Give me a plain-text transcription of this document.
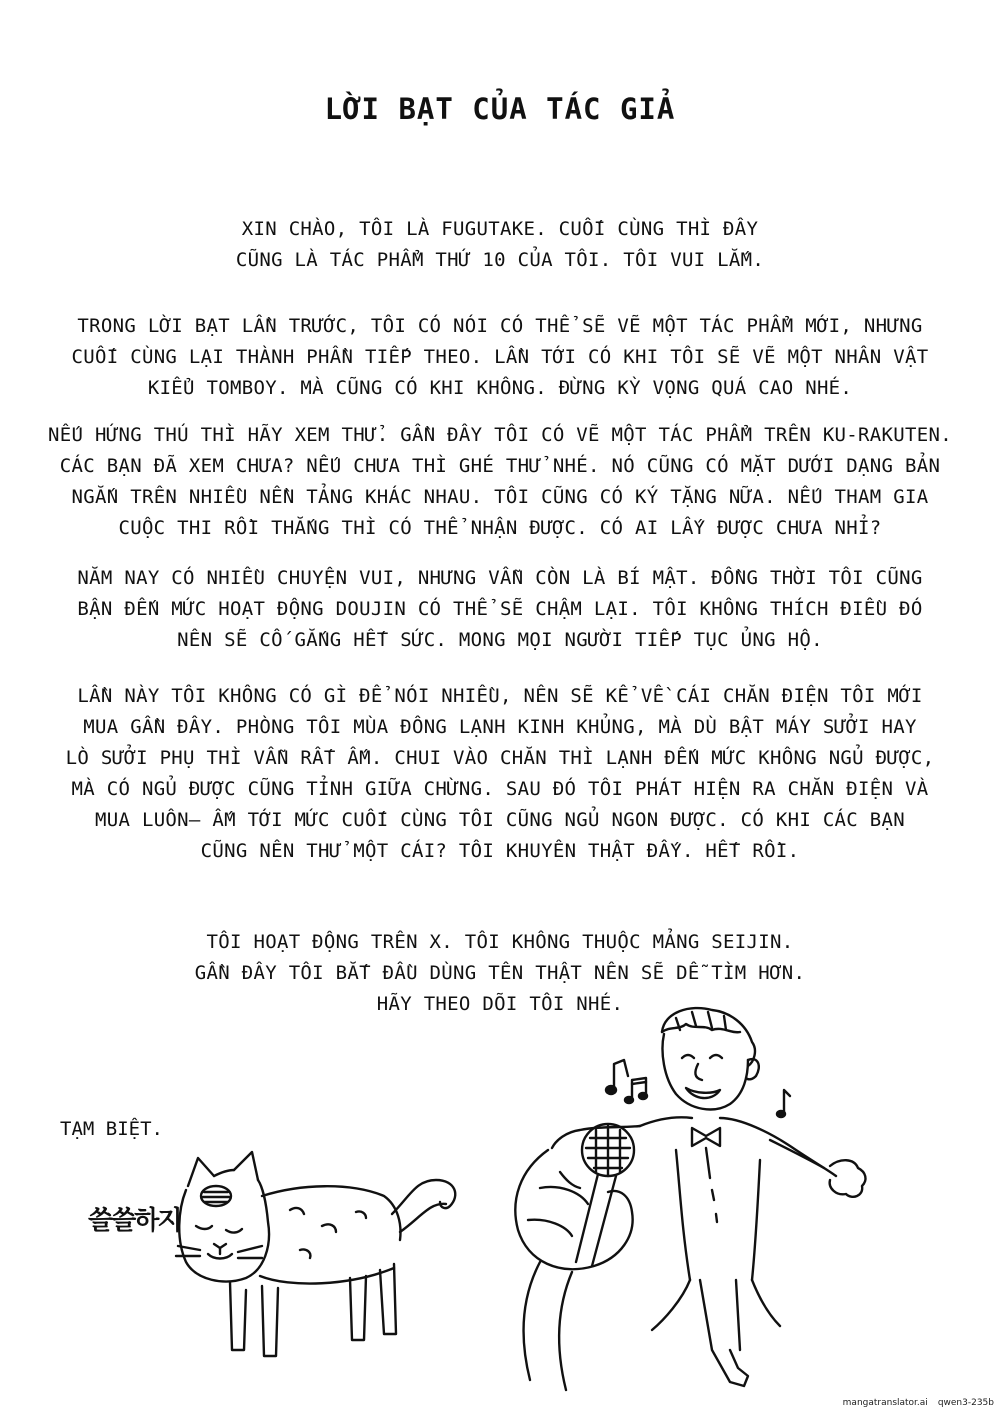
LỜI BẠT CỦA TÁC GIẢ
XIN CHÀO, TÔI LÀ FUGUTAKE. CUỐI CÙNG THÌ ĐÂY
CŨNG LÀ TÁC PHẨM THỨ 10 CỦA TÔI. TÔI VUI LẮM.
TRONG LỜI BẠT LẦN TRƯỚC, TÔI CÓ NÓI CÓ THỂ SẼ VẼ MỘT TÁC PHẨM MỚI, NHƯNG
CUỐI CÙNG LẠI THÀNH PHẦN TIẾP THEO. LẦN TỚI CÓ KHI TÔI SẼ VẼ MỘT NHÂN VẬT
KIỂU TOMBOY. MÀ CŨNG CÓ KHI KHÔNG. ĐỪNG KỲ VỌNG QUÁ CAO NHÉ.
NẾU HỨNG THÚ THÌ HÃY XEM THỬ. GẦN ĐÂY TÔI CÓ VẼ MỘT TÁC PHẨM TRÊN KU-RAKUTEN.
CÁC BẠN ĐÃ XEM CHƯA? NẾU CHƯA THÌ GHÉ THỬ NHÉ. NÓ CŨNG CÓ MẶT DƯỚI DẠNG BẢN
NGẮN TRÊN NHIỀU NỀN TẢNG KHÁC NHAU. TÔI CŨNG CÓ KÝ TẶNG NỮA. NẾU THAM GIA
CUỘC THI RỒI THẮNG THÌ CÓ THỂ NHẬN ĐƯỢC. CÓ AI LẤY ĐƯỢC CHƯA NHỈ?
NĂM NAY CÓ NHIỀU CHUYỆN VUI, NHƯNG VẪN CÒN LÀ BÍ MẬT. ĐỒNG THỜI TÔI CŨNG
BẬN ĐẾN MỨC HOẠT ĐỘNG DOUJIN CÓ THỂ SẼ CHẬM LẠI. TÔI KHÔNG THÍCH ĐIỀU ĐÓ
NÊN SẼ CỐ GẮNG HẾT SỨC. MONG MỌI NGƯỜI TIẾP TỤC ỦNG HỘ.
LẦN NÀY TÔI KHÔNG CÓ GÌ ĐỂ NÓI NHIỀU, NÊN SẼ KỂ VỀ CÁI CHĂN ĐIỆN TÔI MỚI
MUA GẦN ĐÂY. PHÒNG TÔI MÙA ĐÔNG LẠNH KINH KHỦNG, MÀ DÙ BẬT MÁY SƯỞI HAY
LÒ SƯỞI PHỤ THÌ VẪN RẤT ẤM. CHUI VÀO CHĂN THÌ LẠNH ĐẾN MỨC KHÔNG NGỦ ĐƯỢC,
MÀ CÓ NGỦ ĐƯỢC CŨNG TỈNH GIỮA CHỪNG. SAU ĐÓ TÔI PHÁT HIỆN RA CHĂN ĐIỆN VÀ
MUA LUÔN— ẤM TỚI MỨC CUỐI CÙNG TÔI CŨNG NGỦ NGON ĐƯỢC. CÓ KHI CÁC BẠN
CŨNG NÊN THỬ MỘT CÁI? TÔI KHUYÊN THẬT ĐẤY. HẾT RỒI.
TÔI HOẠT ĐỘNG TRÊN X. TÔI KHÔNG THUỘC MẢNG SEIJIN.
GẦN ĐÂY TÔI BẮT ĐẦU DÙNG TÊN THẬT NÊN SẼ DỄ TÌM HƠN.
HÃY THEO DÕI TÔI NHÉ.
TẠM BIỆT.
쓸쓸하지
mangatranslator.ai qwen3-235b
